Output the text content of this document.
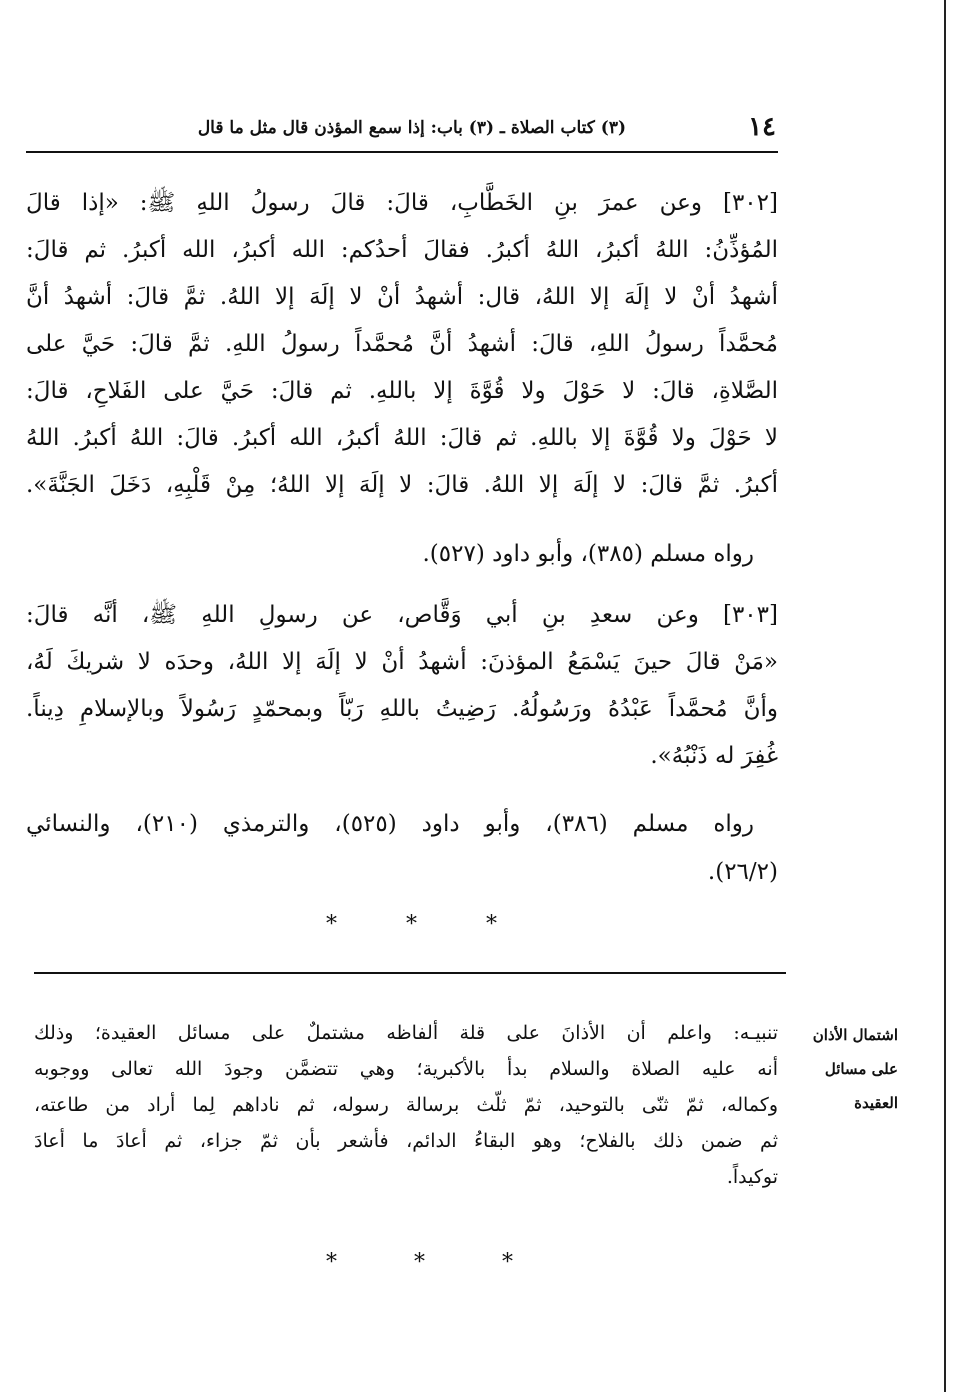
١٤
(٣) كتاب الصلاة ـ (٣) باب: إذا سمع المؤذن قال مثل ما قال
[٣٠٢] وعن عمرَ بنِ الخَطَّابِ، قالَ: قالَ رسولُ اللهِ ﷺ: «إذا قالَ
المُؤذِّنُ: اللهُ أكبرُ، اللهُ أكبرُ. فقالَ أحدُكم: الله أكبرُ، الله أكبرُ. ثم قالَ:
أشهدُ أنْ لا إلَهَ إلا اللهُ، قال: أشهدُ أنْ لا إلَهَ إلا اللهُ. ثمَّ قالَ: أشهدُ أنَّ
مُحمَّداً رسولُ اللهِ، قالَ: أشهدُ أنَّ مُحمَّداً رسولُ اللهِ. ثمَّ قالَ: حَيَّ على
الصَّلاةِ، قالَ: لا حَوْلَ ولا قُوَّةَ إلا باللهِ. ثم قالَ: حَيَّ على الفَلاحِ، قالَ:
لا حَوْلَ ولا قُوَّةَ إلا باللهِ. ثم قالَ: اللهُ أكبرُ، الله أكبرُ. قالَ: اللهُ أكبرُ. اللهُ
أكبرُ. ثمَّ قالَ: لا إلَهَ إلا اللهُ. قالَ: لا إلَهَ إلا اللهُ؛ مِنْ قَلْبِهِ، دَخَلَ الجَنَّةَ».
رواه مسلم (٣٨٥)، وأبو داود (٥٢٧).
[٣٠٣] وعن سعدِ بنِ أبي وَقَّاص، عن رسولِ اللهِ ﷺ، أنَّه قالَ:
«مَنْ قالَ حينَ يَسْمَعُ المؤذنَ: أشهدُ أنْ لا إلَهَ إلا اللهُ، وحدَه لا شريكَ لَهُ،
وأنَّ مُحمَّداً عَبْدُهُ ورَسُولُهُ. رَضِيتُ باللهِ رَبّاً وبمحمّدٍ رَسُولاً وبالإسلامِ دِيناً.
غُفِرَ له ذَنْبُهُ».
رواه مسلم (٣٨٦)، وأبو داود (٥٢٥)، والترمذي (٢١٠)، والنسائي
(٢٦/٢).
*	*	*
اشتمال الأذان
على مسائل
العقيدة
تنبيـه: واعلم أن الأذانَ على قلة ألفاظه مشتملٌ على مسائل العقيدة؛ وذلك
أنه عليه الصلاة والسلام بدأ بالأكبرية؛ وهي تتضمَّن وجودَ الله تعالى ووجوبه
وكماله، ثمّ ثنّى بالتوحيد، ثمّ ثلّث برسالة رسوله، ثم ناداهم لِما أراد من طاعته،
ثم ضمن ذلك بالفلاح؛ وهو البقاءُ الدائم، فأشعر بأن ثمّ جزاء، ثم أعادَ ما أعادَ
توكيداً.
*	*	*
